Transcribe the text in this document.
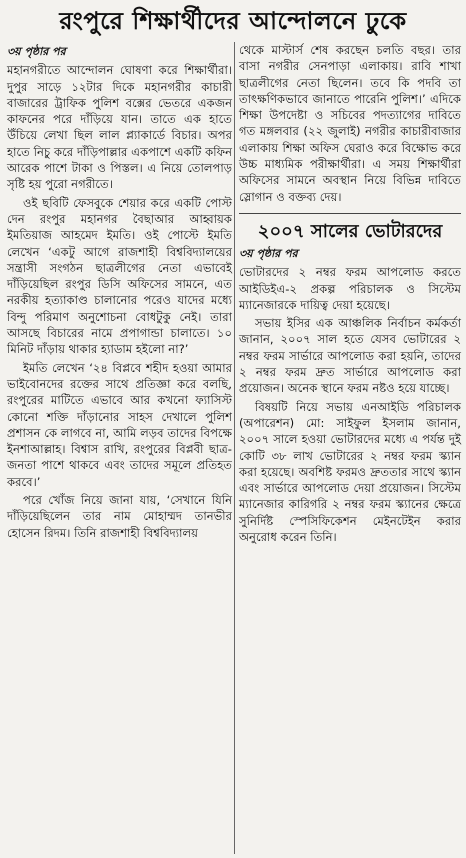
রংপুরে শিক্ষার্থীদের আন্দোলনে ঢুকে
৩য় পৃষ্ঠার পর

মহানগরীতে আন্দোলন ঘোষণা করে শিক্ষার্থীরা। দুপুর সাড়ে ১২টার দিকে মহানগরীর কাচারী বাজারের ট্রাফিক পুলিশ বক্সের ভেতরে একজন কাফনের পরে দাঁড়িয়ে যান। তাতে এক হাতে উঁচিয়ে লেখা ছিল লাল প্ল্যাকার্ডে বিচার। অপর হাতে নিচু করে দাঁড়িপাল্লার একপাশে একটি কফিন আরেক পাশে টাকা ও পিস্তল। এ নিয়ে তোলপাড় সৃষ্টি হয় পুরো নগরীতে।

ওই ছবিটি ফেসবুকে শেয়ার করে একটি পোস্ট দেন রংপুর মহানগর বৈছাআর আহ্বায়ক ইমতিয়াজ আহমেদ ইমতি। ওই পোস্টে ইমতি লেখেন ‘একটু আগে রাজশাহী বিশ্ববিদ্যালয়ের সন্ত্রাসী সংগঠন ছাত্রলীগের নেতা এভাবেই দাঁড়িয়েছিল রংপুর ডিসি অফিসের সামনে, এত নরকীয় হত্যাকাণ্ড চালানোর পরেও যাদের মধ্যে বিন্দু পরিমাণ অনুশোচনা বোধটুকু নেই। তারা আসছে বিচারের নামে প্রপাগান্ডা চালাতে। ১০ মিনিট দাঁড়ায় থাকার হ্যাডাম হইলো না?’

ইমতি লেখেন ‘২৪ বিপ্লবে শহীদ হওয়া আমার ভাইবোনদের রক্তের সাথে প্রতিজ্ঞা করে বলছি, রংপুরের মাটিতে এভাবে আর কখনো ফ্যাসিস্ট কোনো শক্তি দাঁড়ানোর সাহস দেখালে পুলিশ প্রশাসন কে লাগবে না, আমি লড়ব তাদের বিপক্ষে ইনশাআল্লাহ। বিশ্বাস রাখি, রংপুরের বিপ্লবী ছাত্র-জনতা পাশে থাকবে এবং তাদের সমূলে প্রতিহত করবে।’

পরে খোঁজ নিয়ে জানা যায়, ‘সেখানে যিনি দাঁড়িয়েছিলেন তার নাম মোহাম্মদ তানভীর হোসেন রিদম। তিনি রাজশাহী বিশ্ববিদ্যালয়

থেকে মাস্টার্স শেষ করছেন চলতি বছর। তার বাসা নগরীর সেনপাড়া এলাকায়। রাবি শাখা ছাত্রলীগের নেতা ছিলেন। তবে কি পদবি তা তাৎক্ষণিকভাবে জানাতে পারেনি পুলিশ।’ এদিকে শিক্ষা উপদেষ্টা ও সচিবের পদত্যাগের দাবিতে গত মঙ্গলবার (২২ জুলাই) নগরীর কাচারীবাজার এলাকায় শিক্ষা অফিস ঘেরাও করে বিক্ষোভ করে উচ্চ মাধ্যমিক পরীক্ষার্থীরা। এ সময় শিক্ষার্থীরা অফিসের সামনে অবস্থান নিয়ে বিভিন্ন দাবিতে স্লোগান ও বক্তব্য দেয়।

২০০৭ সালের ভোটারদের
৩য় পৃষ্ঠার পর

ভোটারদের ২ নম্বর ফরম আপলোড করতে আইডিইএ-২ প্রকল্প পরিচালক ও সিস্টেম ম্যানেজারকে দায়িত্ব দেয়া হয়েছে।

সভায় ইসির এক আঞ্চলিক নির্বাচন কর্মকর্তা জানান, ২০০৭ সাল হতে যেসব ভোটারের ২ নম্বর ফরম সার্ভারে আপলোড করা হয়নি, তাদের ২ নম্বর ফরম দ্রুত সার্ভারে আপলোড করা প্রয়োজন। অনেক স্থানে ফরম নষ্টও হয়ে যাচ্ছে।

বিষয়টি নিয়ে সভায় এনআইডি পরিচালক (অপারেশন) মো: সাইফুল ইসলাম জানান, ২০০৭ সালে হওয়া ভোটারদের মধ্যে এ পর্যন্ত দুই কোটি ৩৮ লাখ ভোটারের ২ নম্বর ফরম স্ক্যান করা হয়েছে। অবশিষ্ট ফরমও দ্রুততার সাথে স্ক্যান এবং সার্ভারে আপলোড দেয়া প্রয়োজন। সিস্টেম ম্যানেজার কারিগরি ২ নম্বর ফরম স্ক্যানের ক্ষেত্রে সুনির্দিষ্ট স্পেসিফিকেশন মেইনটেইন করার অনুরোধ করেন তিনি।
